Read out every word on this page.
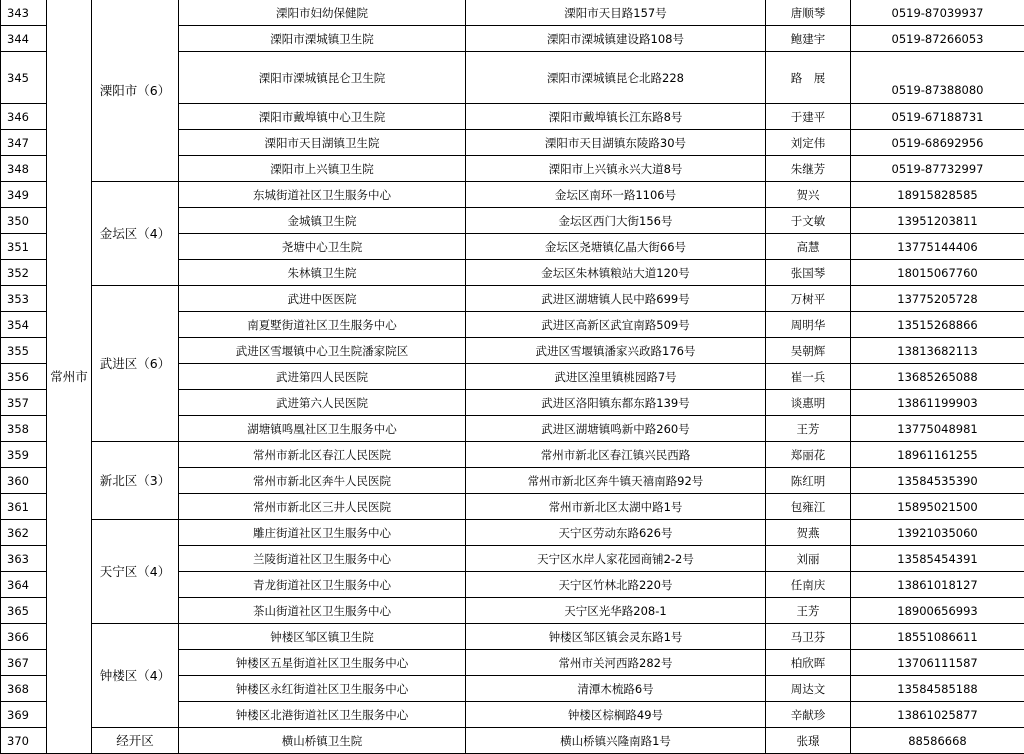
343	常州市	溧阳市（6）	溧阳市妇幼保健院	溧阳市天目路157号	唐顺琴	0519-87039937
344			溧阳市溧城镇卫生院	溧阳市溧城镇建设路108号	鲍建宇	0519-87266053
345			溧阳市溧城镇昆仑卫生院	溧阳市溧城镇昆仑北路228	路　展	0519-87388080
346			溧阳市戴埠镇中心卫生院	溧阳市戴埠镇长江东路8号	于建平	0519-67188731
347			溧阳市天目湖镇卫生院	溧阳市天目湖镇东陵路30号	刘定伟	0519-68692956
348			溧阳市上兴镇卫生院	溧阳市上兴镇永兴大道8号	朱继芳	0519-87732997
349		金坛区（4）	东城街道社区卫生服务中心	金坛区南环一路1106号	贺兴	18915828585
350			金城镇卫生院	金坛区西门大街156号	于文敏	13951203811
351			尧塘中心卫生院	金坛区尧塘镇亿晶大街66号	高慧	13775144406
352			朱林镇卫生院	金坛区朱林镇粮站大道120号	张国琴	18015067760
353		武进区（6）	武进中医医院	武进区湖塘镇人民中路699号	万树平	13775205728
354			南夏墅街道社区卫生服务中心	武进区高新区武宜南路509号	周明华	13515268866
355			武进区雪堰镇中心卫生院潘家院区	武进区雪堰镇潘家兴政路176号	吴朝辉	13813682113
356			武进第四人民医院	武进区湟里镇桃园路7号	崔一兵	13685265088
357			武进第六人民医院	武进区洛阳镇东都东路139号	谈惠明	13861199903
358			湖塘镇鸣凰社区卫生服务中心	武进区湖塘镇鸣新中路260号	王芳	13775048981
359		新北区（3）	常州市新北区春江人民医院	常州市新北区春江镇兴民西路	郑丽花	18961161255
360			常州市新北区奔牛人民医院	常州市新北区奔牛镇天禧南路92号	陈红明	13584535390
361			常州市新北区三井人民医院	常州市新北区太湖中路1号	包雍江	15895021500
362		天宁区（4）	雕庄街道社区卫生服务中心	天宁区劳动东路626号	贺燕	13921035060
363			兰陵街道社区卫生服务中心	天宁区水岸人家花园商铺2-2号	刘丽	13585454391
364			青龙街道社区卫生服务中心	天宁区竹林北路220号	任南庆	13861018127
365			茶山街道社区卫生服务中心	天宁区光华路208-1	王芳	18900656993
366		钟楼区（4）	钟楼区邹区镇卫生院	钟楼区邹区镇会灵东路1号	马卫芬	18551086611
367			钟楼区五星街道社区卫生服务中心	常州市关河西路282号	柏欣晖	13706111587
368			钟楼区永红街道社区卫生服务中心	清潭木梳路6号	周达文	13584585188
369			钟楼区北港街道社区卫生服务中心	钟楼区棕榈路49号	辛献珍	13861025877
370		经开区	横山桥镇卫生院	横山桥镇兴隆南路1号	张璟	88586668
